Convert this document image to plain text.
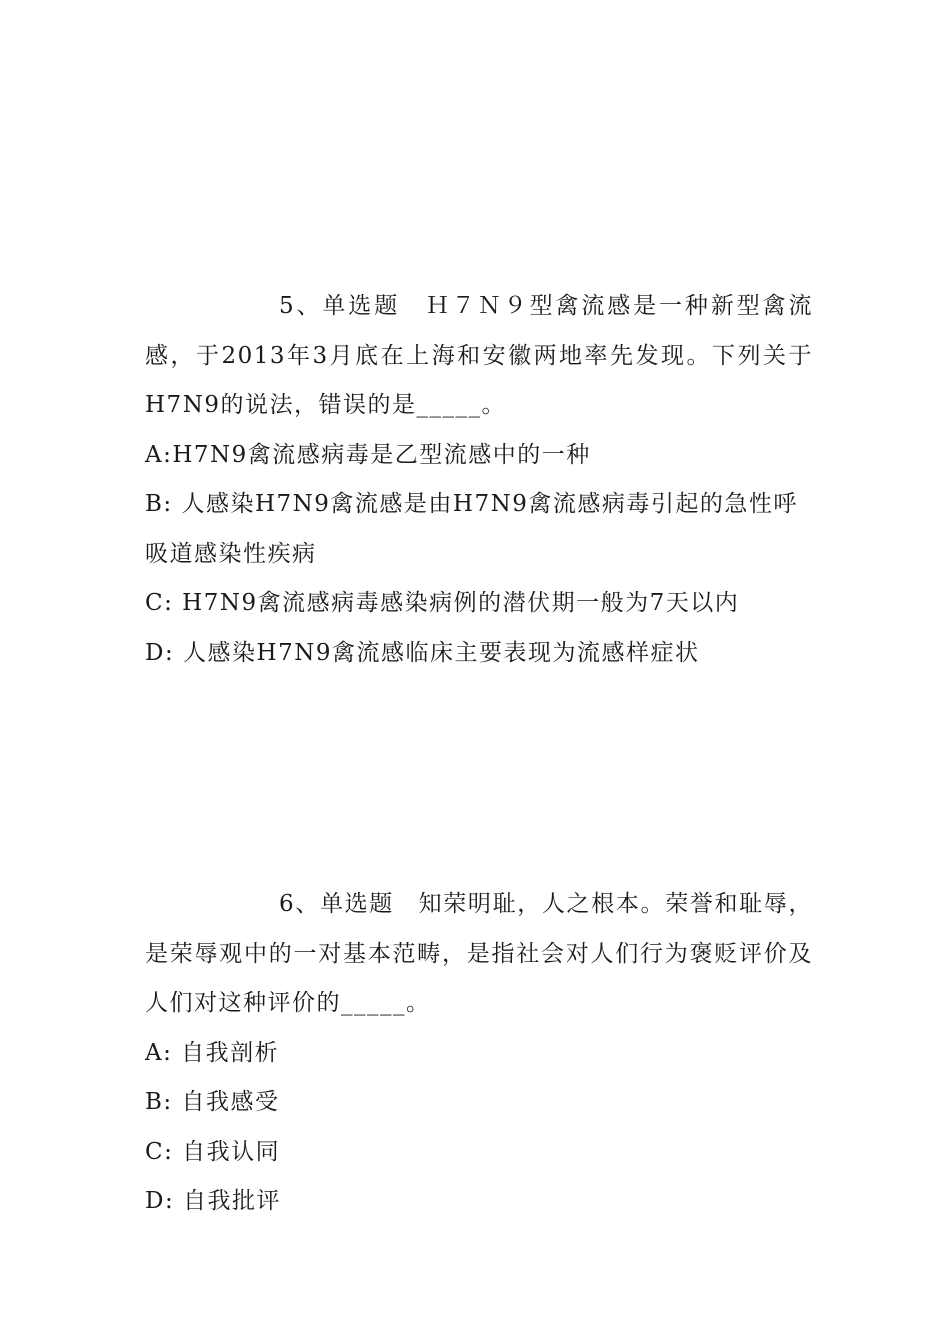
5、单选题　Ｈ７Ｎ９型禽流感是一种新型禽流感，于2013年3月底在上海和安徽两地率先发现。下列关于H7N9的说法，错误的是_____。

A:H7N9禽流感病毒是乙型流感中的一种
B: 人感染H7N9禽流感是由H7N9禽流感病毒引起的急性呼吸道感染性疾病
C: H7N9禽流感病毒感染病例的潜伏期一般为7天以内
D: 人感染H7N9禽流感临床主要表现为流感样症状

6、单选题　知荣明耻，人之根本。荣誉和耻辱，是荣辱观中的一对基本范畴，是指社会对人们行为褒贬评价及人们对这种评价的_____。

A: 自我剖析
B: 自我感受
C: 自我认同
D: 自我批评
